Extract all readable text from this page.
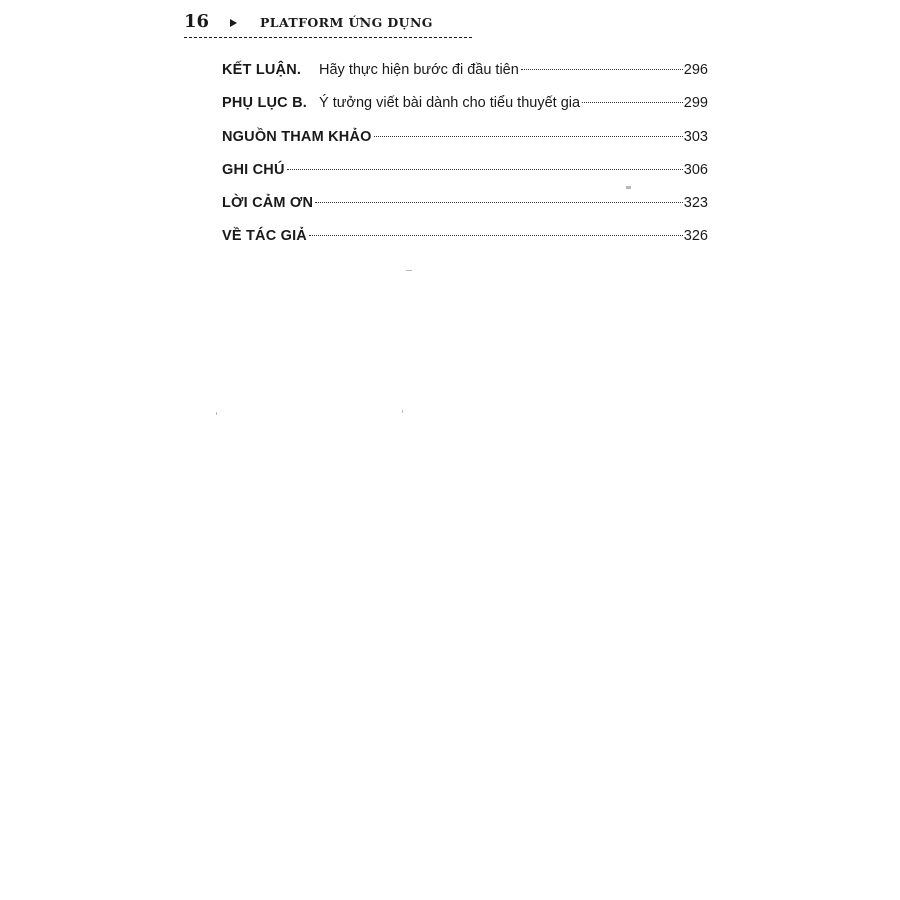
16	PLATFORM ỨNG DỤNG
KẾT LUẬN.	Hãy thực hiện bước đi đầu tiên	296
PHỤ LỤC B. Ý tưởng viết bài dành cho tiểu thuyết gia	299
NGUỒN THAM KHẢO	303
GHI CHÚ	306
LỜI CẢM ƠN	323
VỀ TÁC GIẢ	326
